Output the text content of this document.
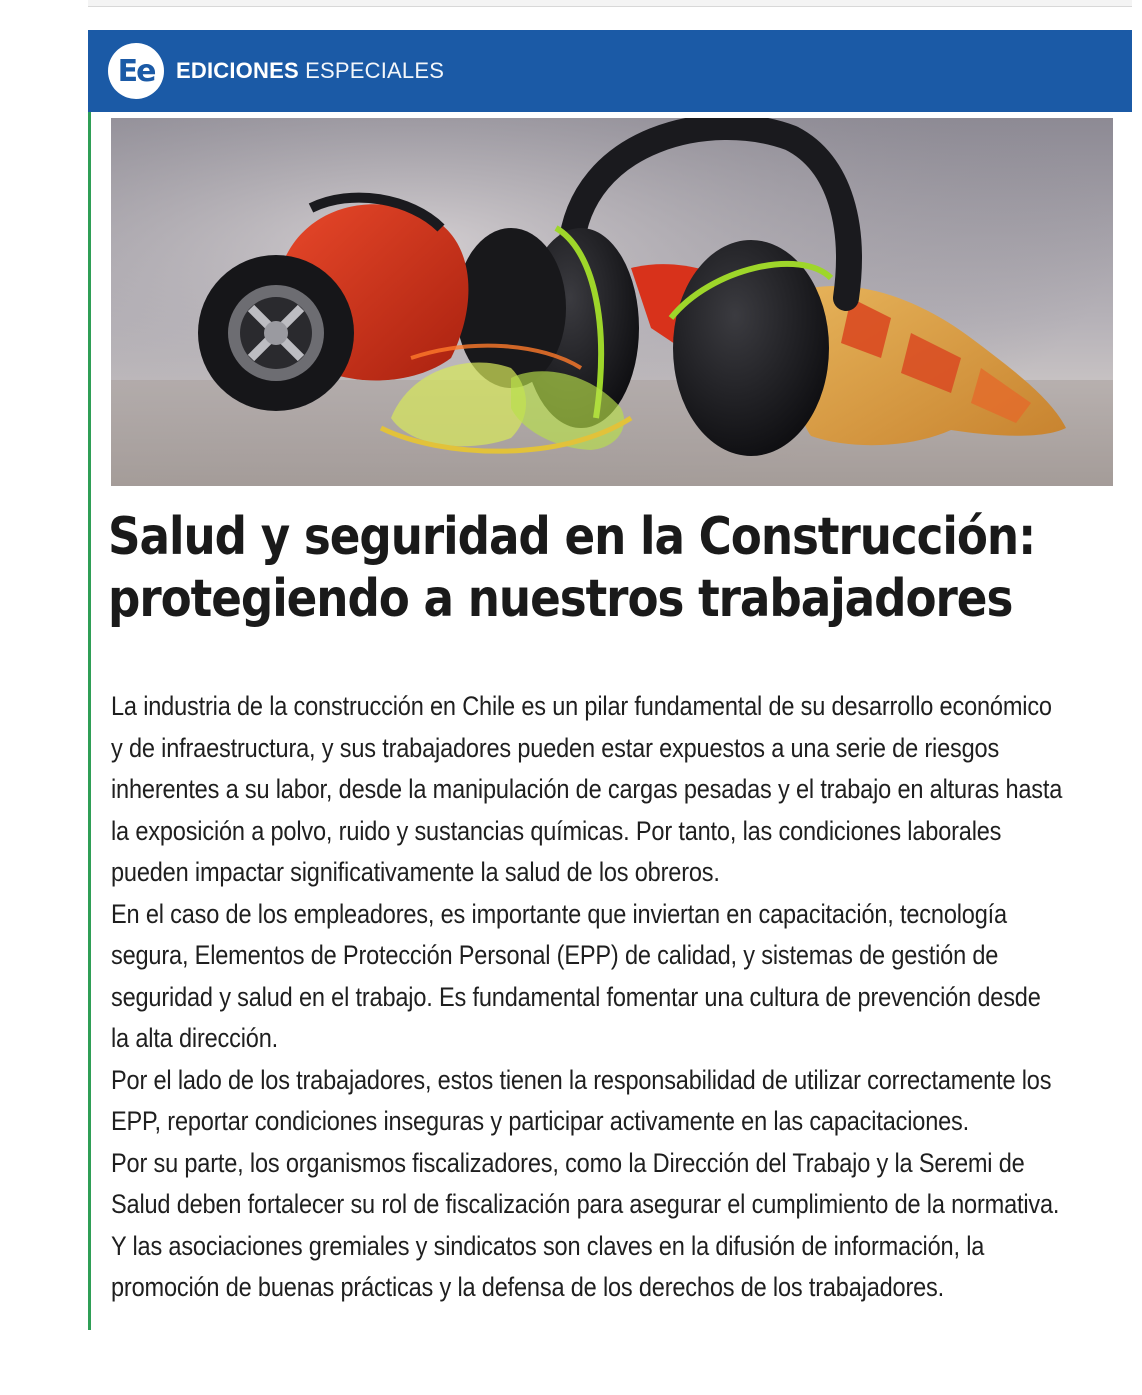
Ee EDICIONES ESPECIALES
Salud y seguridad en la Construcción:
protegiendo a nuestros trabajadores

La industria de la construcción en Chile es un pilar fundamental de su desarrollo económico
y de infraestructura, y sus trabajadores pueden estar expuestos a una serie de riesgos
inherentes a su labor, desde la manipulación de cargas pesadas y el trabajo en alturas hasta
la exposición a polvo, ruido y sustancias químicas. Por tanto, las condiciones laborales
pueden impactar significativamente la salud de los obreros.

En el caso de los empleadores, es importante que inviertan en capacitación, tecnología
segura, Elementos de Protección Personal (EPP) de calidad, y sistemas de gestión de
seguridad y salud en el trabajo. Es fundamental fomentar una cultura de prevención desde
la alta dirección.

Por el lado de los trabajadores, estos tienen la responsabilidad de utilizar correctamente los
EPP, reportar condiciones inseguras y participar activamente en las capacitaciones.

Por su parte, los organismos fiscalizadores, como la Dirección del Trabajo y la Seremi de
Salud deben fortalecer su rol de fiscalización para asegurar el cumplimiento de la normativa.

Y las asociaciones gremiales y sindicatos son claves en la difusión de información, la
promoción de buenas prácticas y la defensa de los derechos de los trabajadores.
